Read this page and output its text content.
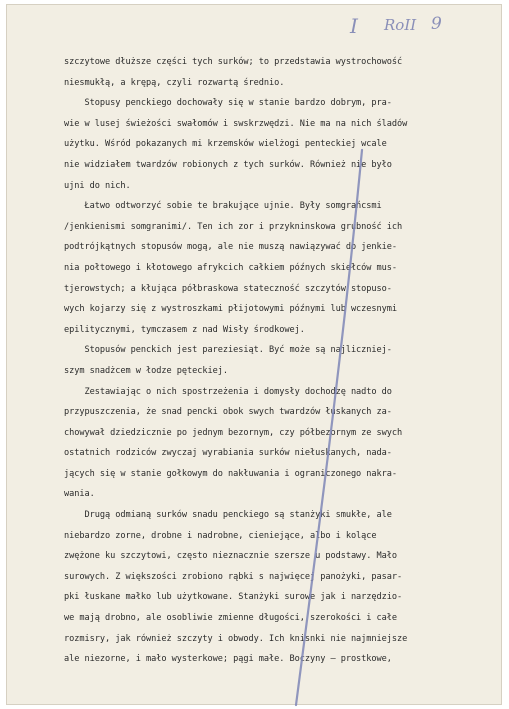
I RoII 9
szczytowe dłuższe części tych surków; to przedstawia wystrochowość
niesmukłą, a krępą, czyli rozwartą średnio.
Stopusy penckiego dochowały się w stanie bardzo dobrym, pra-
wie w lusej świeżości swałomów i swskrzwędzi. Nie ma na nich śladów
użytku. Wśród pokazanych mi krzemsków wielżogi penteckiej wcale
nie widziałem twardzów robionych z tych surków. Również nie było
ujni do nich.
Łatwo odtworzyć sobie te brakujące ujnie. Były somgrańcsmi
/jenkienismi somgranimi/. Ten ich zor i przykninskowa grubność ich
podtrójkątnych stopusów mogą, ale nie muszą nawiązywać do jenkie-
nia połtowego i kłotowego afrykcich całkiem późnych skiełców mus-
tjerowstych; a kłująca półbraskowa stateczność szczytów stopuso-
wych kojarzy się z wystroszkami płijotowymi późnymi lub wczesnymi
epilitycznymi, tymczasem z nad Wisły środkowej.
Stopusów penckich jest pareziesiąt. Być może są najliczniej-
szym snadżcem w łodze pęteckiej.
Zestawiając o nich spostrzeżenia i domysły dochodzę nadto do
przypuszczenia, że snad pencki obok swych twardzów łuskanych za-
chowywał dziedzicznie po jednym bezornym, czy półbezornym ze swych
ostatnich rodziców zwyczaj wyrabiania surków niełuskanych, nada-
jących się w stanie gołkowym do nakłuwania i ograniczonego nakra-
wania.
Drugą odmianą surków snadu penckiego są stanżyki smukłe, ale
niebardzo zorne, drobne i nadrobne, cieniejące, albo i kolące
zwężone ku szczytowi, często nieznacznie szersze u podstawy. Mało
surowych. Z większości zrobiono rąbki s najwięcej panożyki, pasar-
pki łuskane małko lub użytkowane. Stanżyki surowe jak i narzędzio-
we mają drobno, ale osobliwie zmienne długości, szerokości i całe
rozmisry, jak również szczyty i obwody. Ich knisnki nie najmniejsze
ale niezorne, i mało wysterkowe; pągi małe. Boczyny — prostkowe,
